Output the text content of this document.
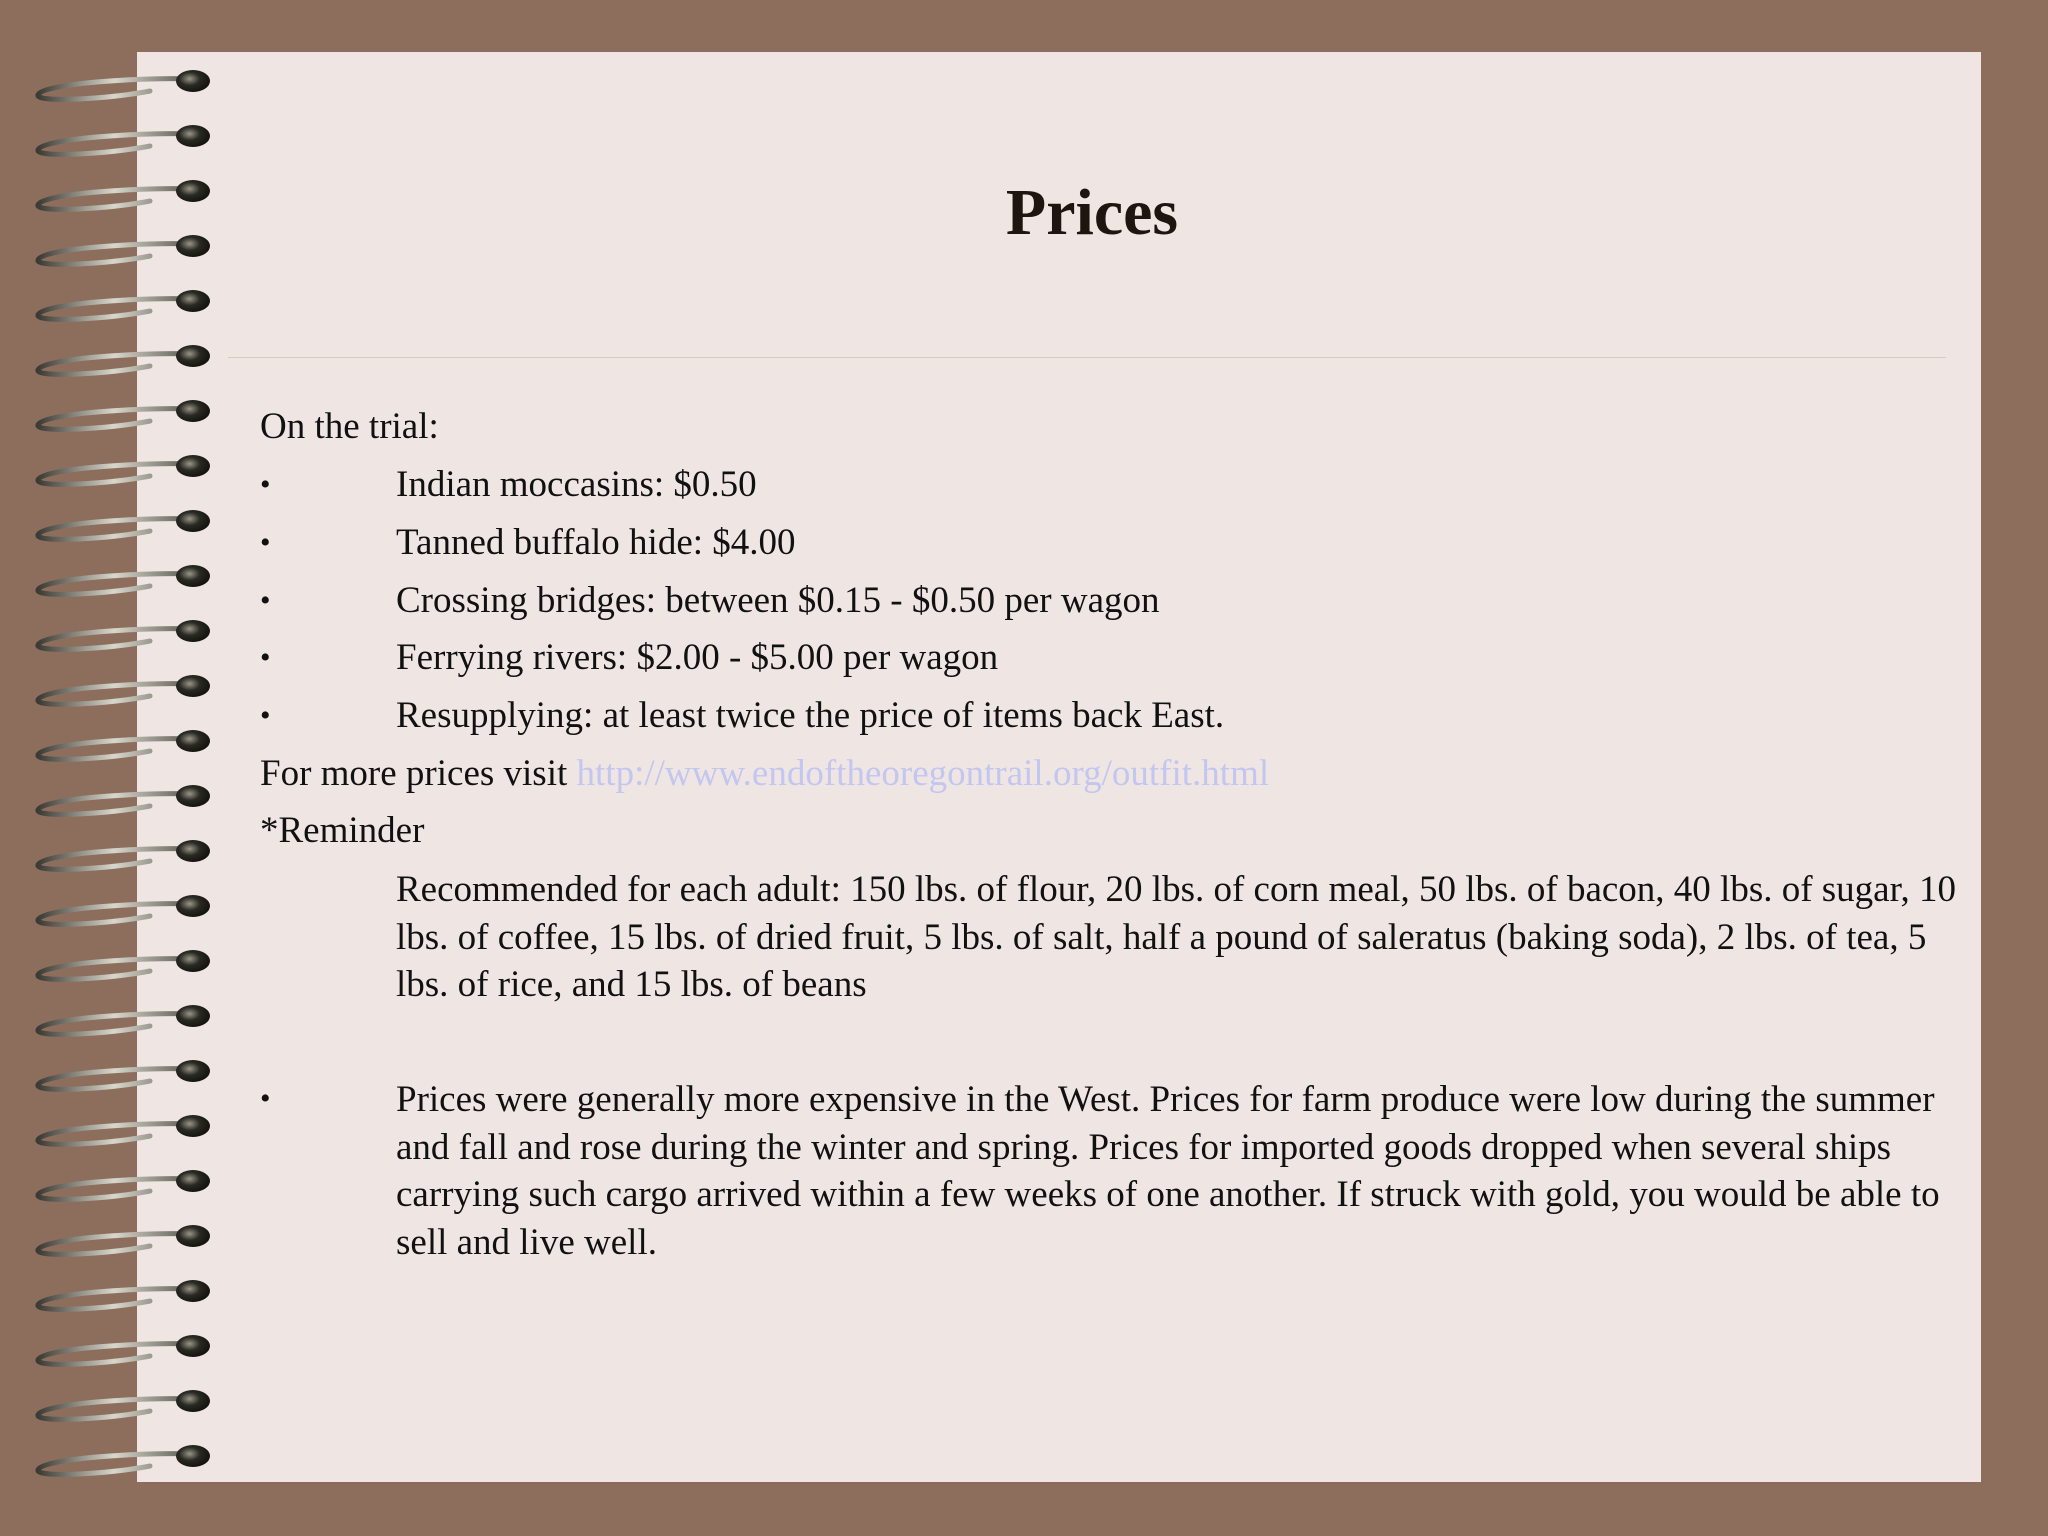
Prices
On the trial:
•	Indian moccasins: $0.50
•	Tanned buffalo hide: $4.00
•	Crossing bridges: between $0.15 - $0.50 per wagon
•	Ferrying rivers: $2.00 - $5.00 per wagon
•	Resupplying: at least twice the price of items back East.
For more prices visit http://www.endoftheoregontrail.org/outfit.html
*Reminder
Recommended for each adult: 150 lbs. of flour, 20 lbs. of corn meal, 50 lbs. of bacon, 40 lbs. of sugar, 10 lbs. of coffee, 15 lbs. of dried fruit, 5 lbs. of salt, half a pound of saleratus (baking soda), 2 lbs. of tea, 5 lbs. of rice, and 15 lbs. of beans
•	Prices were generally more expensive in the West. Prices for farm produce were low during the summer and fall and rose during the winter and spring. Prices for imported goods dropped when several ships carrying such cargo arrived within a few weeks of one another. If struck with gold, you would be able to sell and live well.
